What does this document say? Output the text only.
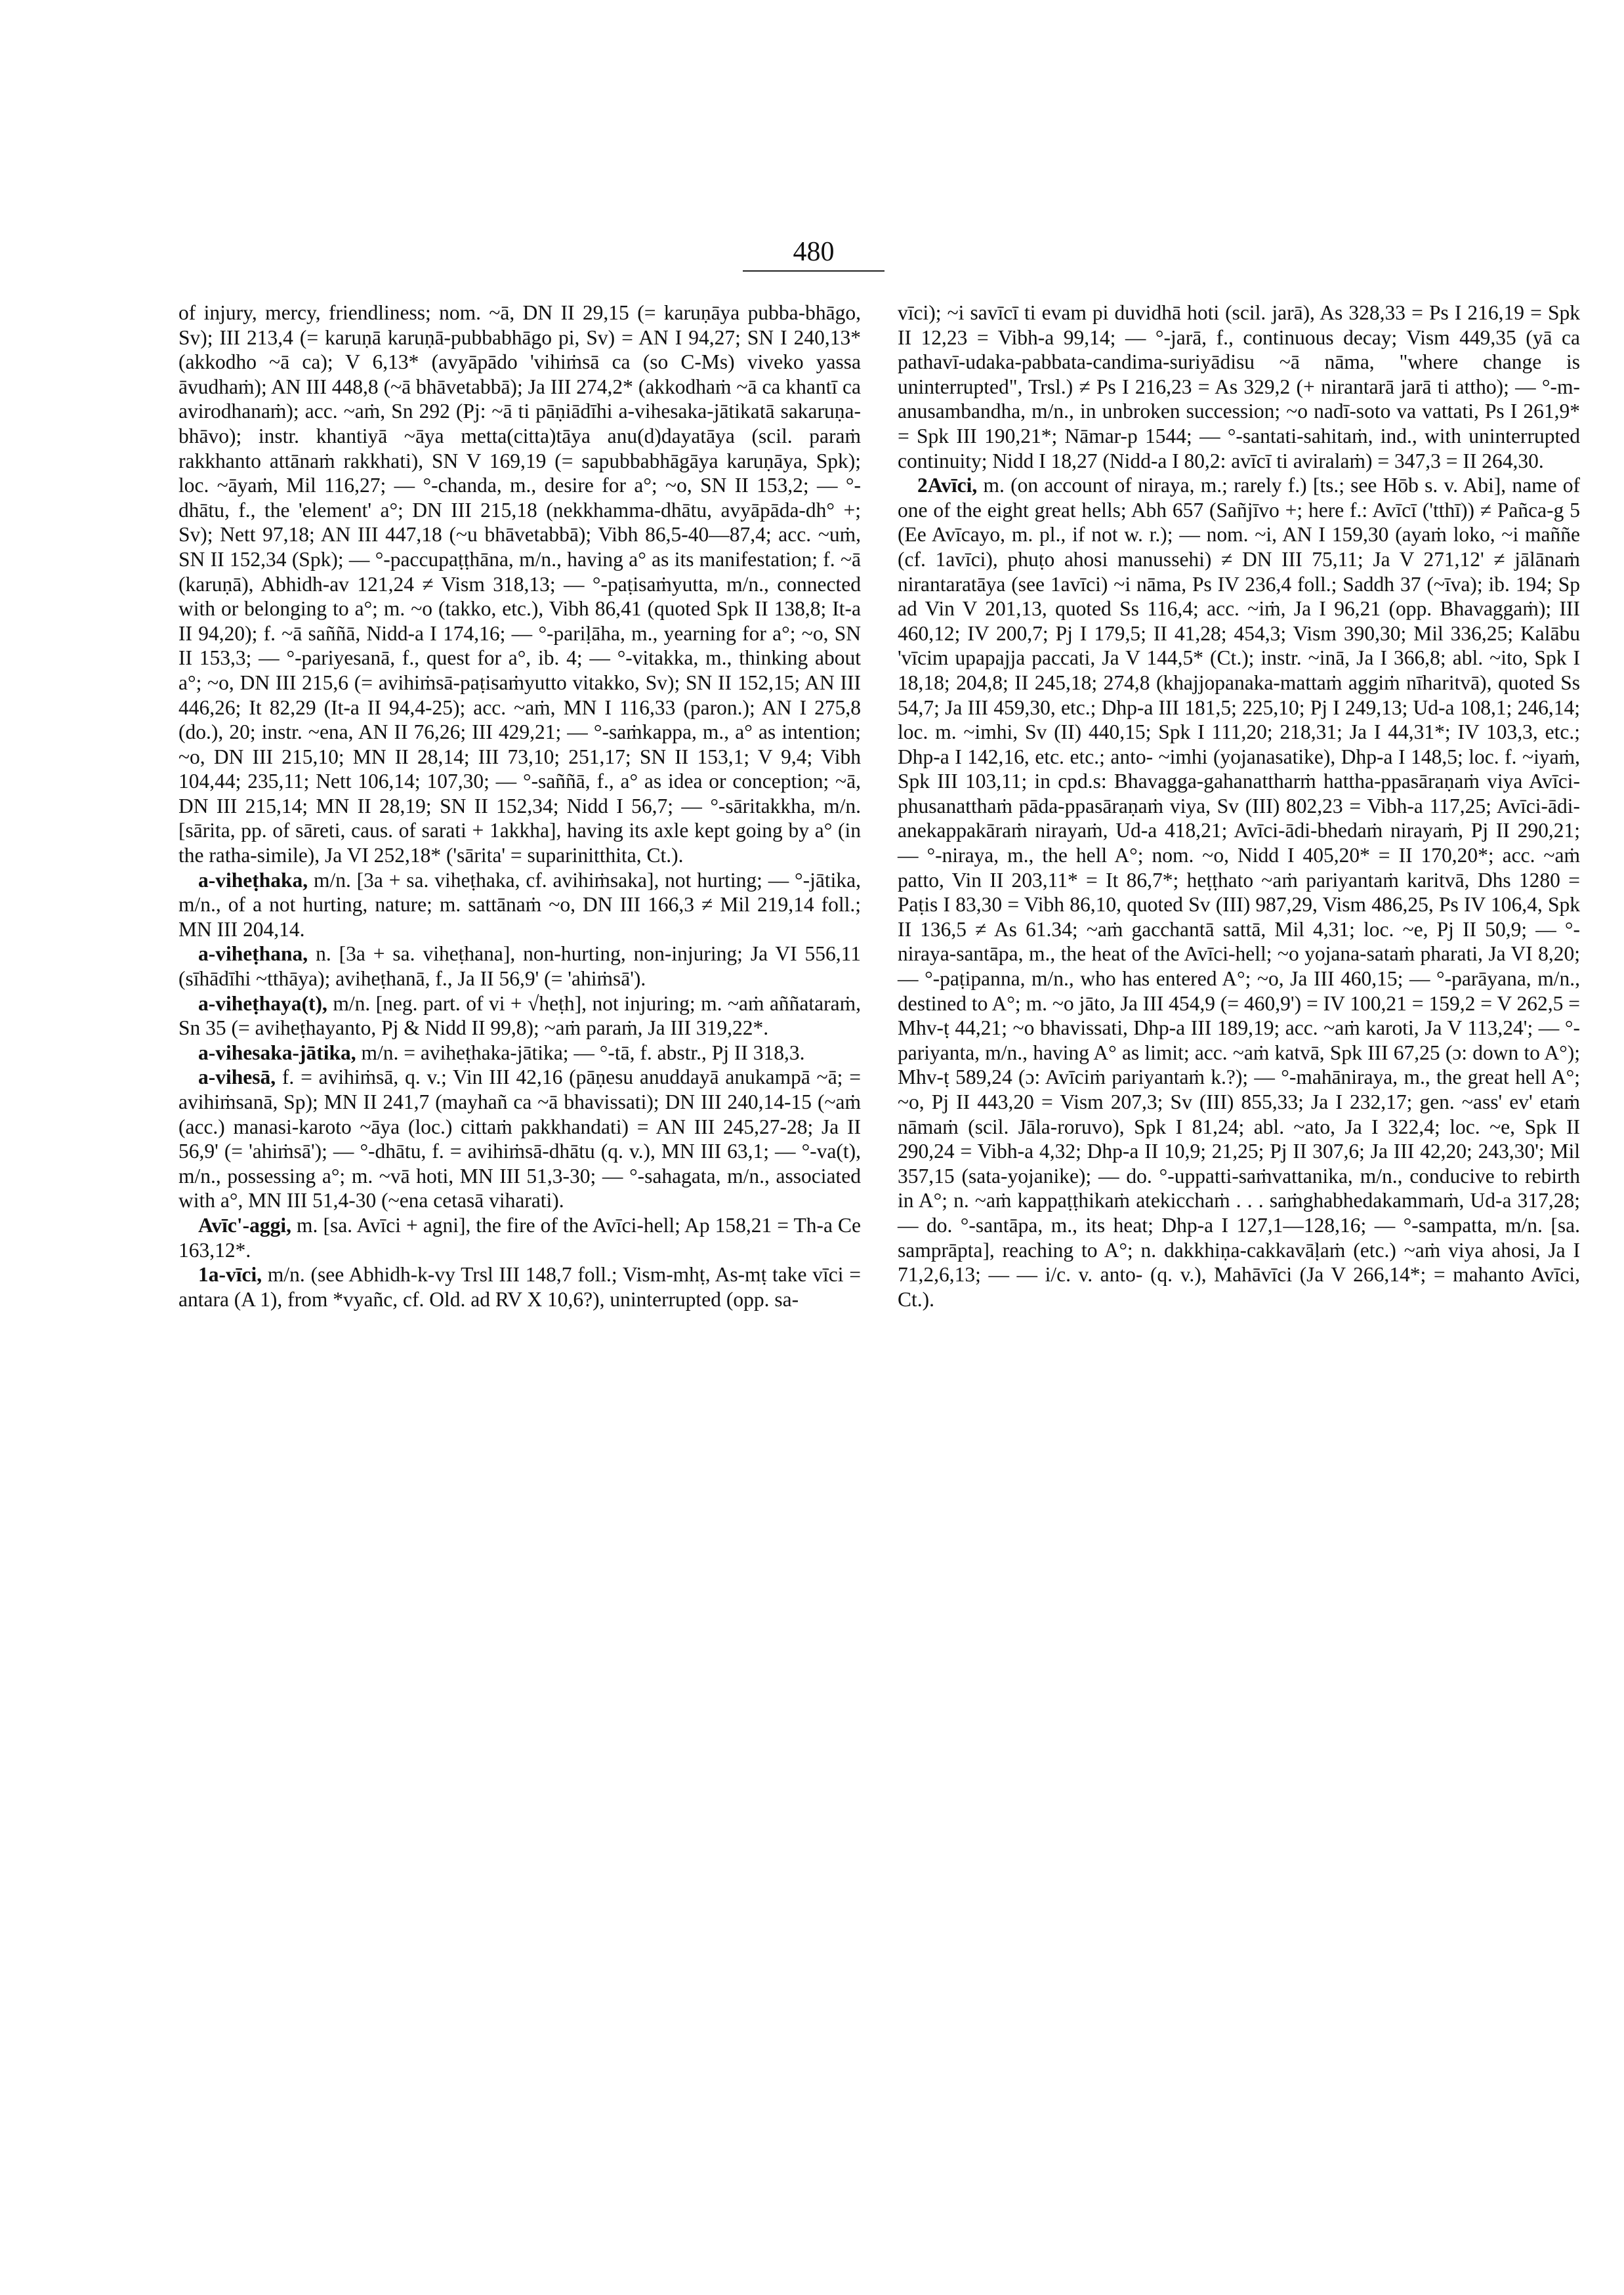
480

of injury, mercy, friendliness; nom. ~ā, DN II 29,15 (= karuṇāya pubba-bhāgo, Sv); III 213,4 (= karuṇā karuṇā-pubbabhāgo pi, Sv) = AN I 94,27; SN I 240,13* (akkodho ~ā ca); V 6,13* (avyāpādo 'vihiṁsā ca (so C-Ms) viveko yassa āvudhaṁ); AN III 448,8 (~ā bhāvetabbā); Ja III 274,2* (akkodhaṁ ~ā ca khantī ca avirodhanaṁ); acc. ~aṁ, Sn 292 (Pj: ~ā ti pāṇiādīhi a-vihesaka-jātikatā sakaruṇa-bhāvo); instr. khantiyā ~āya metta(citta)tāya anu(d)dayatāya (scil. paraṁ rakkhanto attānaṁ rakkhati), SN V 169,19 (= sapubbabhāgāya karuṇāya, Spk); loc. ~āyaṁ, Mil 116,27; — °-chanda, m., desire for a°; ~o, SN II 153,2; — °-dhātu, f., the 'element' a°; DN III 215,18 (nekkhamma-dhātu, avyāpāda-dh° +; Sv); Nett 97,18; AN III 447,18 (~u bhāvetabbā); Vibh 86,5-40—87,4; acc. ~uṁ, SN II 152,34 (Spk); — °-paccupaṭṭhāna, m/n., having a° as its manifestation; f. ~ā (karuṇā), Abhidh-av 121,24 ≠ Vism 318,13; — °-paṭisaṁyutta, m/n., connected with or belonging to a°; m. ~o (takko, etc.), Vibh 86,41 (quoted Spk II 138,8; It-a II 94,20); f. ~ā saññā, Nidd-a I 174,16; — °-pariḷāha, m., yearning for a°; ~o, SN II 153,3; — °-pariyesanā, f., quest for a°, ib. 4; — °-vitakka, m., thinking about a°; ~o, DN III 215,6 (= avihiṁsā-paṭisaṁyutto vitakko, Sv); SN II 152,15; AN III 446,26; It 82,29 (It-a II 94,4-25); acc. ~aṁ, MN I 116,33 (paron.); AN I 275,8 (do.), 20; instr. ~ena, AN II 76,26; III 429,21; — °-saṁkappa, m., a° as intention; ~o, DN III 215,10; MN II 28,14; III 73,10; 251,17; SN II 153,1; V 9,4; Vibh 104,44; 235,11; Nett 106,14; 107,30; — °-saññā, f., a° as idea or conception; ~ā, DN III 215,14; MN II 28,19; SN II 152,34; Nidd I 56,7; — °-sāritakkha, m/n. [sārita, pp. of sāreti, caus. of sarati + 1akkha], having its axle kept going by a° (in the ratha-simile), Ja VI 252,18* ('sārita' = suparinitthita, Ct.).

a-viheṭhaka, m/n. [3a + sa. viheṭhaka, cf. avihiṁsaka], not hurting; — °-jātika, m/n., of a not hurting, nature; m. sattānaṁ ~o, DN III 166,3 ≠ Mil 219,14 foll.; MN III 204,14.

a-viheṭhana, n. [3a + sa. viheṭhana], non-hurting, non-injuring; Ja VI 556,11 (sīhādīhi ~tthāya); aviheṭhanā, f., Ja II 56,9' (= 'ahiṁsā').

a-viheṭhaya(t), m/n. [neg. part. of vi + √heṭh], not injuring; m. ~aṁ aññataraṁ, Sn 35 (= aviheṭhayanto, Pj & Nidd II 99,8); ~aṁ paraṁ, Ja III 319,22*.

a-vihesaka-jātika, m/n. = aviheṭhaka-jātika; — °-tā, f. abstr., Pj II 318,3.

a-vihesā, f. = avihiṁsā, q. v.; Vin III 42,16 (pāṇesu anuddayā anukampā ~ā; = avihiṁsanā, Sp); MN II 241,7 (mayhañ ca ~ā bhavissati); DN III 240,14-15 (~aṁ (acc.) manasi-karoto ~āya (loc.) cittaṁ pakkhandati) = AN III 245,27-28; Ja II 56,9' (= 'ahiṁsā'); — °-dhātu, f. = avihiṁsā-dhātu (q. v.), MN III 63,1; — °-va(t), m/n., possessing a°; m. ~vā hoti, MN III 51,3-30; — °-sahagata, m/n., associated with a°, MN III 51,4-30 (~ena cetasā viharati).

Avīc'-aggi, m. [sa. Avīci + agni], the fire of the Avīci-hell; Ap 158,21 = Th-a Ce 163,12*.

1a-vīci, m/n. (see Abhidh-k-vy Trsl III 148,7 foll.; Vism-mhṭ, As-mṭ take vīci = antara (A 1), from *vyañc, cf. Old. ad RV X 10,6?), uninterrupted (opp. sa-

vīci); ~i savīcī ti evam pi duvidhā hoti (scil. jarā), As 328,33 = Ps I 216,19 = Spk II 12,23 = Vibh-a 99,14; — °-jarā, f., continuous decay; Vism 449,35 (yā ca pathavī-udaka-pabbata-candima-suriyādisu ~ā nāma, "where change is uninterrupted", Trsl.) ≠ Ps I 216,23 = As 329,2 (+ nirantarā jarā ti attho); — °-m-anusambandha, m/n., in unbroken succession; ~o nadī-soto va vattati, Ps I 261,9* = Spk III 190,21*; Nāmar-p 1544; — °-santati-sahitaṁ, ind., with uninterrupted continuity; Nidd I 18,27 (Nidd-a I 80,2: avīcī ti aviralaṁ) = 347,3 = II 264,30.

2Avīci, m. (on account of niraya, m.; rarely f.) [ts.; see Hōb s. v. Abi], name of one of the eight great hells; Abh 657 (Sañjīvo +; here f.: Avīcī ('tthī)) ≠ Pañca-g 5 (Ee Avīcayo, m. pl., if not w. r.); — nom. ~i, AN I 159,30 (ayaṁ loko, ~i maññe (cf. 1avīci), phuṭo ahosi manussehi) ≠ DN III 75,11; Ja V 271,12' ≠ jālānaṁ nirantaratāya (see 1avīci) ~i nāma, Ps IV 236,4 foll.; Saddh 37 (~īva); ib. 194; Sp ad Vin V 201,13, quoted Ss 116,4; acc. ~iṁ, Ja I 96,21 (opp. Bhavaggaṁ); III 460,12; IV 200,7; Pj I 179,5; II 41,28; 454,3; Vism 390,30; Mil 336,25; Kalābu 'vīcim upapajja paccati, Ja V 144,5* (Ct.); instr. ~inā, Ja I 366,8; abl. ~ito, Spk I 18,18; 204,8; II 245,18; 274,8 (khajjopanaka-mattaṁ aggiṁ nīharitvā), quoted Ss 54,7; Ja III 459,30, etc.; Dhp-a III 181,5; 225,10; Pj I 249,13; Ud-a 108,1; 246,14; loc. m. ~imhi, Sv (II) 440,15; Spk I 111,20; 218,31; Ja I 44,31*; IV 103,3, etc.; Dhp-a I 142,16, etc. etc.; anto- ~imhi (yojanasatike), Dhp-a I 148,5; loc. f. ~iyaṁ, Spk III 103,11; in cpd.s: Bhavagga-gahanattharṁ hattha-ppasāraṇaṁ viya Avīci-phusanatthaṁ pāda-ppasāraṇaṁ viya, Sv (III) 802,23 = Vibh-a 117,25; Avīci-ādi-anekappakāraṁ nirayaṁ, Ud-a 418,21; Avīci-ādi-bhedaṁ nirayaṁ, Pj II 290,21; — °-niraya, m., the hell A°; nom. ~o, Nidd I 405,20* = II 170,20*; acc. ~aṁ patto, Vin II 203,11* = It 86,7*; heṭṭhato ~aṁ pariyantaṁ karitvā, Dhs 1280 = Paṭis I 83,30 = Vibh 86,10, quoted Sv (III) 987,29, Vism 486,25, Ps IV 106,4, Spk II 136,5 ≠ As 61.34; ~aṁ gacchantā sattā, Mil 4,31; loc. ~e, Pj II 50,9; — °-niraya-santāpa, m., the heat of the Avīci-hell; ~o yojana-sataṁ pharati, Ja VI 8,20; — °-paṭipanna, m/n., who has entered A°; ~o, Ja III 460,15; — °-parāyana, m/n., destined to A°; m. ~o jāto, Ja III 454,9 (= 460,9') = IV 100,21 = 159,2 = V 262,5 = Mhv-ṭ 44,21; ~o bhavissati, Dhp-a III 189,19; acc. ~aṁ karoti, Ja V 113,24'; — °-pariyanta, m/n., having A° as limit; acc. ~aṁ katvā, Spk III 67,25 (ɔ: down to A°); Mhv-ṭ 589,24 (ɔ: Avīciṁ pariyantaṁ k.?); — °-mahāniraya, m., the great hell A°; ~o, Pj II 443,20 = Vism 207,3; Sv (III) 855,33; Ja I 232,17; gen. ~ass' ev' etaṁ nāmaṁ (scil. Jāla-roruvo), Spk I 81,24; abl. ~ato, Ja I 322,4; loc. ~e, Spk II 290,24 = Vibh-a 4,32; Dhp-a II 10,9; 21,25; Pj II 307,6; Ja III 42,20; 243,30'; Mil 357,15 (sata-yojanike); — do. °-uppatti-saṁvattanika, m/n., conducive to rebirth in A°; n. ~aṁ kappaṭṭhikaṁ atekicchaṁ . . . saṁghabhedakammaṁ, Ud-a 317,28; — do. °-santāpa, m., its heat; Dhp-a I 127,1—128,16; — °-sampatta, m/n. [sa. samprāpta], reaching to A°; n. dakkhiṇa-cakkavāḷaṁ (etc.) ~aṁ viya ahosi, Ja I 71,2,6,13; — — i/c. v. anto- (q. v.), Mahāvīci (Ja V 266,14*; = mahanto Avīci, Ct.).
